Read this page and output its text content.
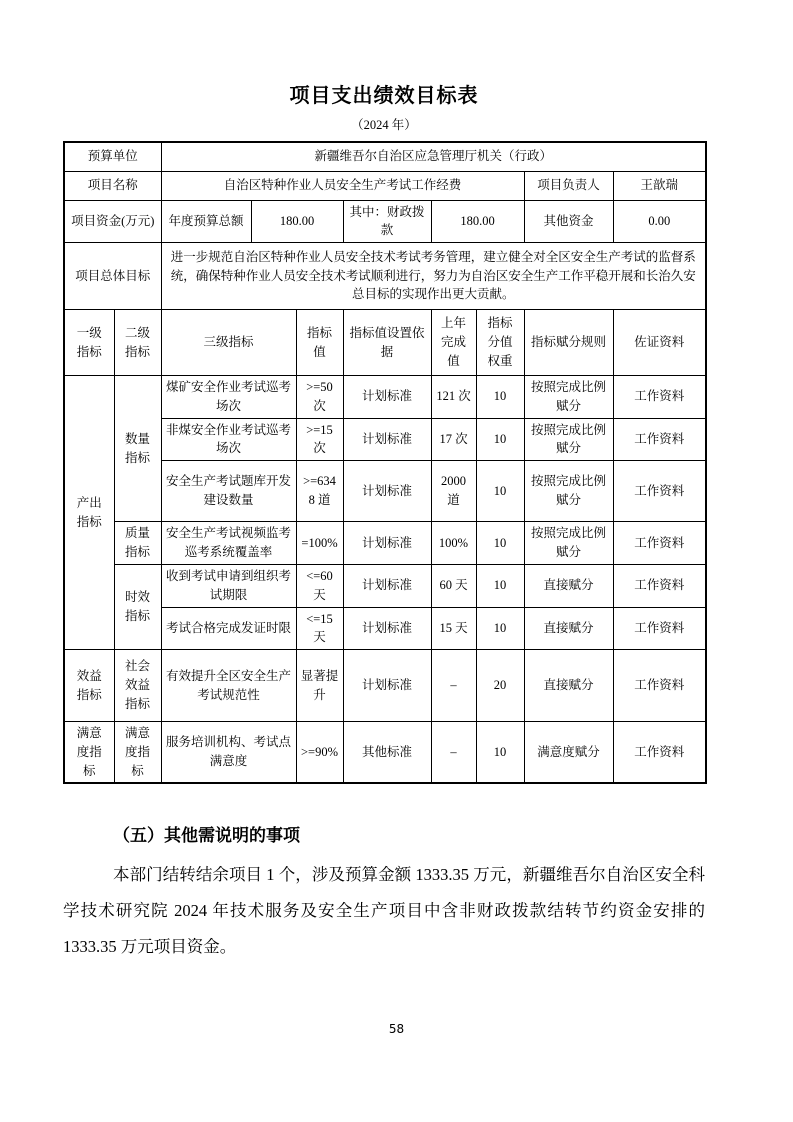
项目支出绩效目标表
（2024 年）
预算单位		新疆维吾尔自治区应急管理厅机关（行政）							
项目名称		自治区特种作业人员安全生产考试工作经费						项目负责人	王歆瑞
项目资金(万元)		年度预算总额	180.00		其中：财政拨款	180.00		其他资金	0.00
项目总体目标		进一步规范自治区特种作业人员安全技术考试考务管理，建立健全对全区安全生产考试的监督系统，确保特种作业人员安全技术考试顺利进行，努力为自治区安全生产工作平稳开展和长治久安总目标的实现作出更大贡献。							
一级指标	二级指标	三级指标		指标值	指标值设置依据	上年完成值	指标分值权重	指标赋分规则	佐证资料
产出指标	数量指标	煤矿安全作业考试巡考场次		>=50 次	计划标准	121 次	10	按照完成比例赋分	工作资料
		非煤安全作业考试巡考场次		>=15 次	计划标准	17 次	10	按照完成比例赋分	工作资料
		安全生产考试题库开发建设数量		>=6348 道	计划标准	2000 道	10	按照完成比例赋分	工作资料
	质量指标	安全生产考试视频监考巡考系统覆盖率		=100%	计划标准	100%	10	按照完成比例赋分	工作资料
	时效指标	收到考试申请到组织考试期限		<=60 天	计划标准	60 天	10	直接赋分	工作资料
		考试合格完成发证时限		<=15 天	计划标准	15 天	10	直接赋分	工作资料
效益指标	社会效益指标	有效提升全区安全生产考试规范性		显著提升	计划标准	–	20	直接赋分	工作资料
满意度指标	满意度指标	服务培训机构、考试点满意度		>=90%	其他标准	–	10	满意度赋分	工作资料
（五）其他需说明的事项
本部门结转结余项目 1 个，涉及预算金额 1333.35 万元，新疆维吾尔自治区安全科学技术研究院 2024 年技术服务及安全生产项目中含非财政拨款结转节约资金安排的 1333.35 万元项目资金。
58
